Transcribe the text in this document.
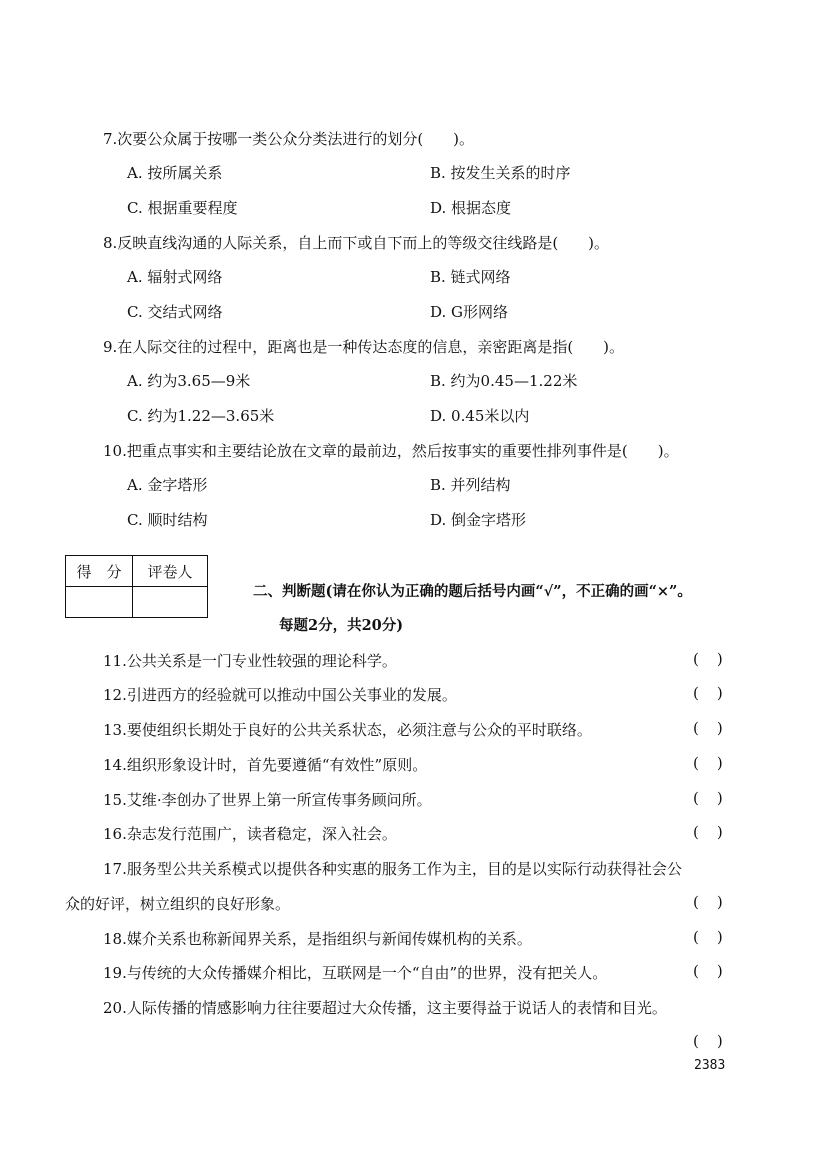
7.次要公众属于按哪一类公众分类法进行的划分(　　)。
A. 按所属关系	B. 按发生关系的时序
C. 根据重要程度	D. 根据态度
8.反映直线沟通的人际关系，自上而下或自下而上的等级交往线路是(　　)。
A. 辐射式网络	B. 链式网络
C. 交结式网络	D. G形网络
9.在人际交往的过程中，距离也是一种传达态度的信息，亲密距离是指(　　)。
A. 约为3.65—9米	B. 约为0.45—1.22米
C. 约为1.22—3.65米	D. 0.45米以内
10.把重点事实和主要结论放在文章的最前边，然后按事实的重要性排列事件是(　　)。
A. 金字塔形	B. 并列结构
C. 顺时结构	D. 倒金字塔形
得　分	评卷人

二、判断题(请在你认为正确的题后括号内画“√”，不正确的画“×”。
每题2分，共20分)
11.公共关系是一门专业性较强的理论科学。	()
12.引进西方的经验就可以推动中国公关事业的发展。	()
13.要使组织长期处于良好的公共关系状态，必须注意与公众的平时联络。	()
14.组织形象设计时，首先要遵循“有效性”原则。	()
15.艾维·李创办了世界上第一所宣传事务顾问所。	()
16.杂志发行范围广，读者稳定，深入社会。	()
17.服务型公共关系模式以提供各种实惠的服务工作为主，目的是以实际行动获得社会公
众的好评，树立组织的良好形象。	()
18.媒介关系也称新闻界关系，是指组织与新闻传媒机构的关系。	()
19.与传统的大众传播媒介相比，互联网是一个“自由”的世界，没有把关人。	()
20.人际传播的情感影响力往往要超过大众传播，这主要得益于说话人的表情和目光。
()
2383
